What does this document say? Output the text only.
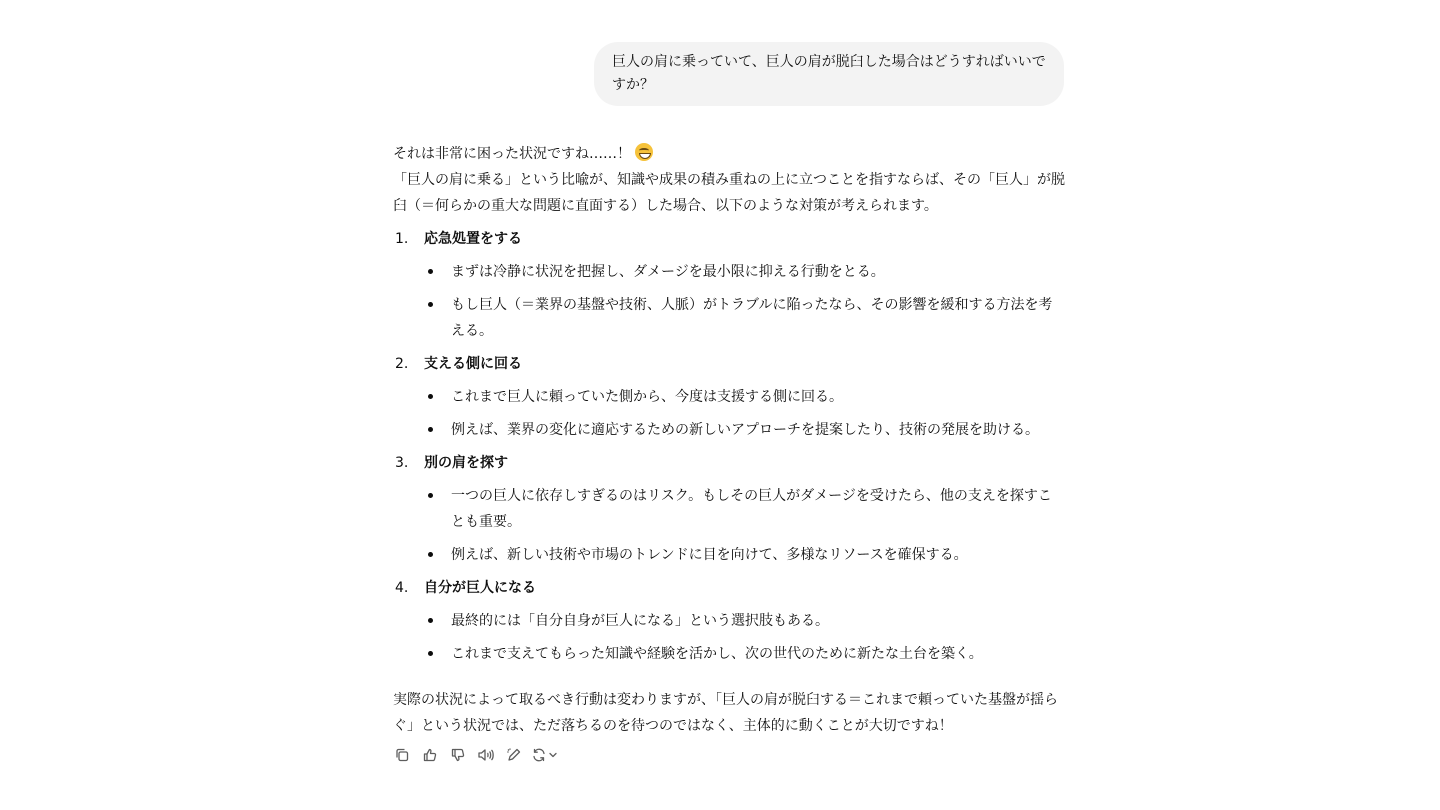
巨人の肩に乗っていて、巨人の肩が脱臼した場合はどうすればいいですか？

それは非常に困った状況ですね……！

「巨人の肩に乗る」という比喩が、知識や成果の積み重ねの上に立つことを指すならば、その「巨人」が脱臼（＝何らかの重大な問題に直面する）した場合、以下のような対策が考えられます。

1.	応急処置をする
まずは冷静に状況を把握し、ダメージを最小限に抑える行動をとる。
もし巨人（＝業界の基盤や技術、人脈）がトラブルに陥ったなら、その影響を緩和する方法を考える。
2.	支える側に回る
これまで巨人に頼っていた側から、今度は支援する側に回る。
例えば、業界の変化に適応するための新しいアプローチを提案したり、技術の発展を助ける。
3.	別の肩を探す
一つの巨人に依存しすぎるのはリスク。もしその巨人がダメージを受けたら、他の支えを探すことも重要。
例えば、新しい技術や市場のトレンドに目を向けて、多様なリソースを確保する。
4.	自分が巨人になる
最終的には「自分自身が巨人になる」という選択肢もある。
これまで支えてもらった知識や経験を活かし、次の世代のために新たな土台を築く。

実際の状況によって取るべき行動は変わりますが、「巨人の肩が脱臼する＝これまで頼っていた基盤が揺らぐ」という状況では、ただ落ちるのを待つのではなく、主体的に動くことが大切ですね！
